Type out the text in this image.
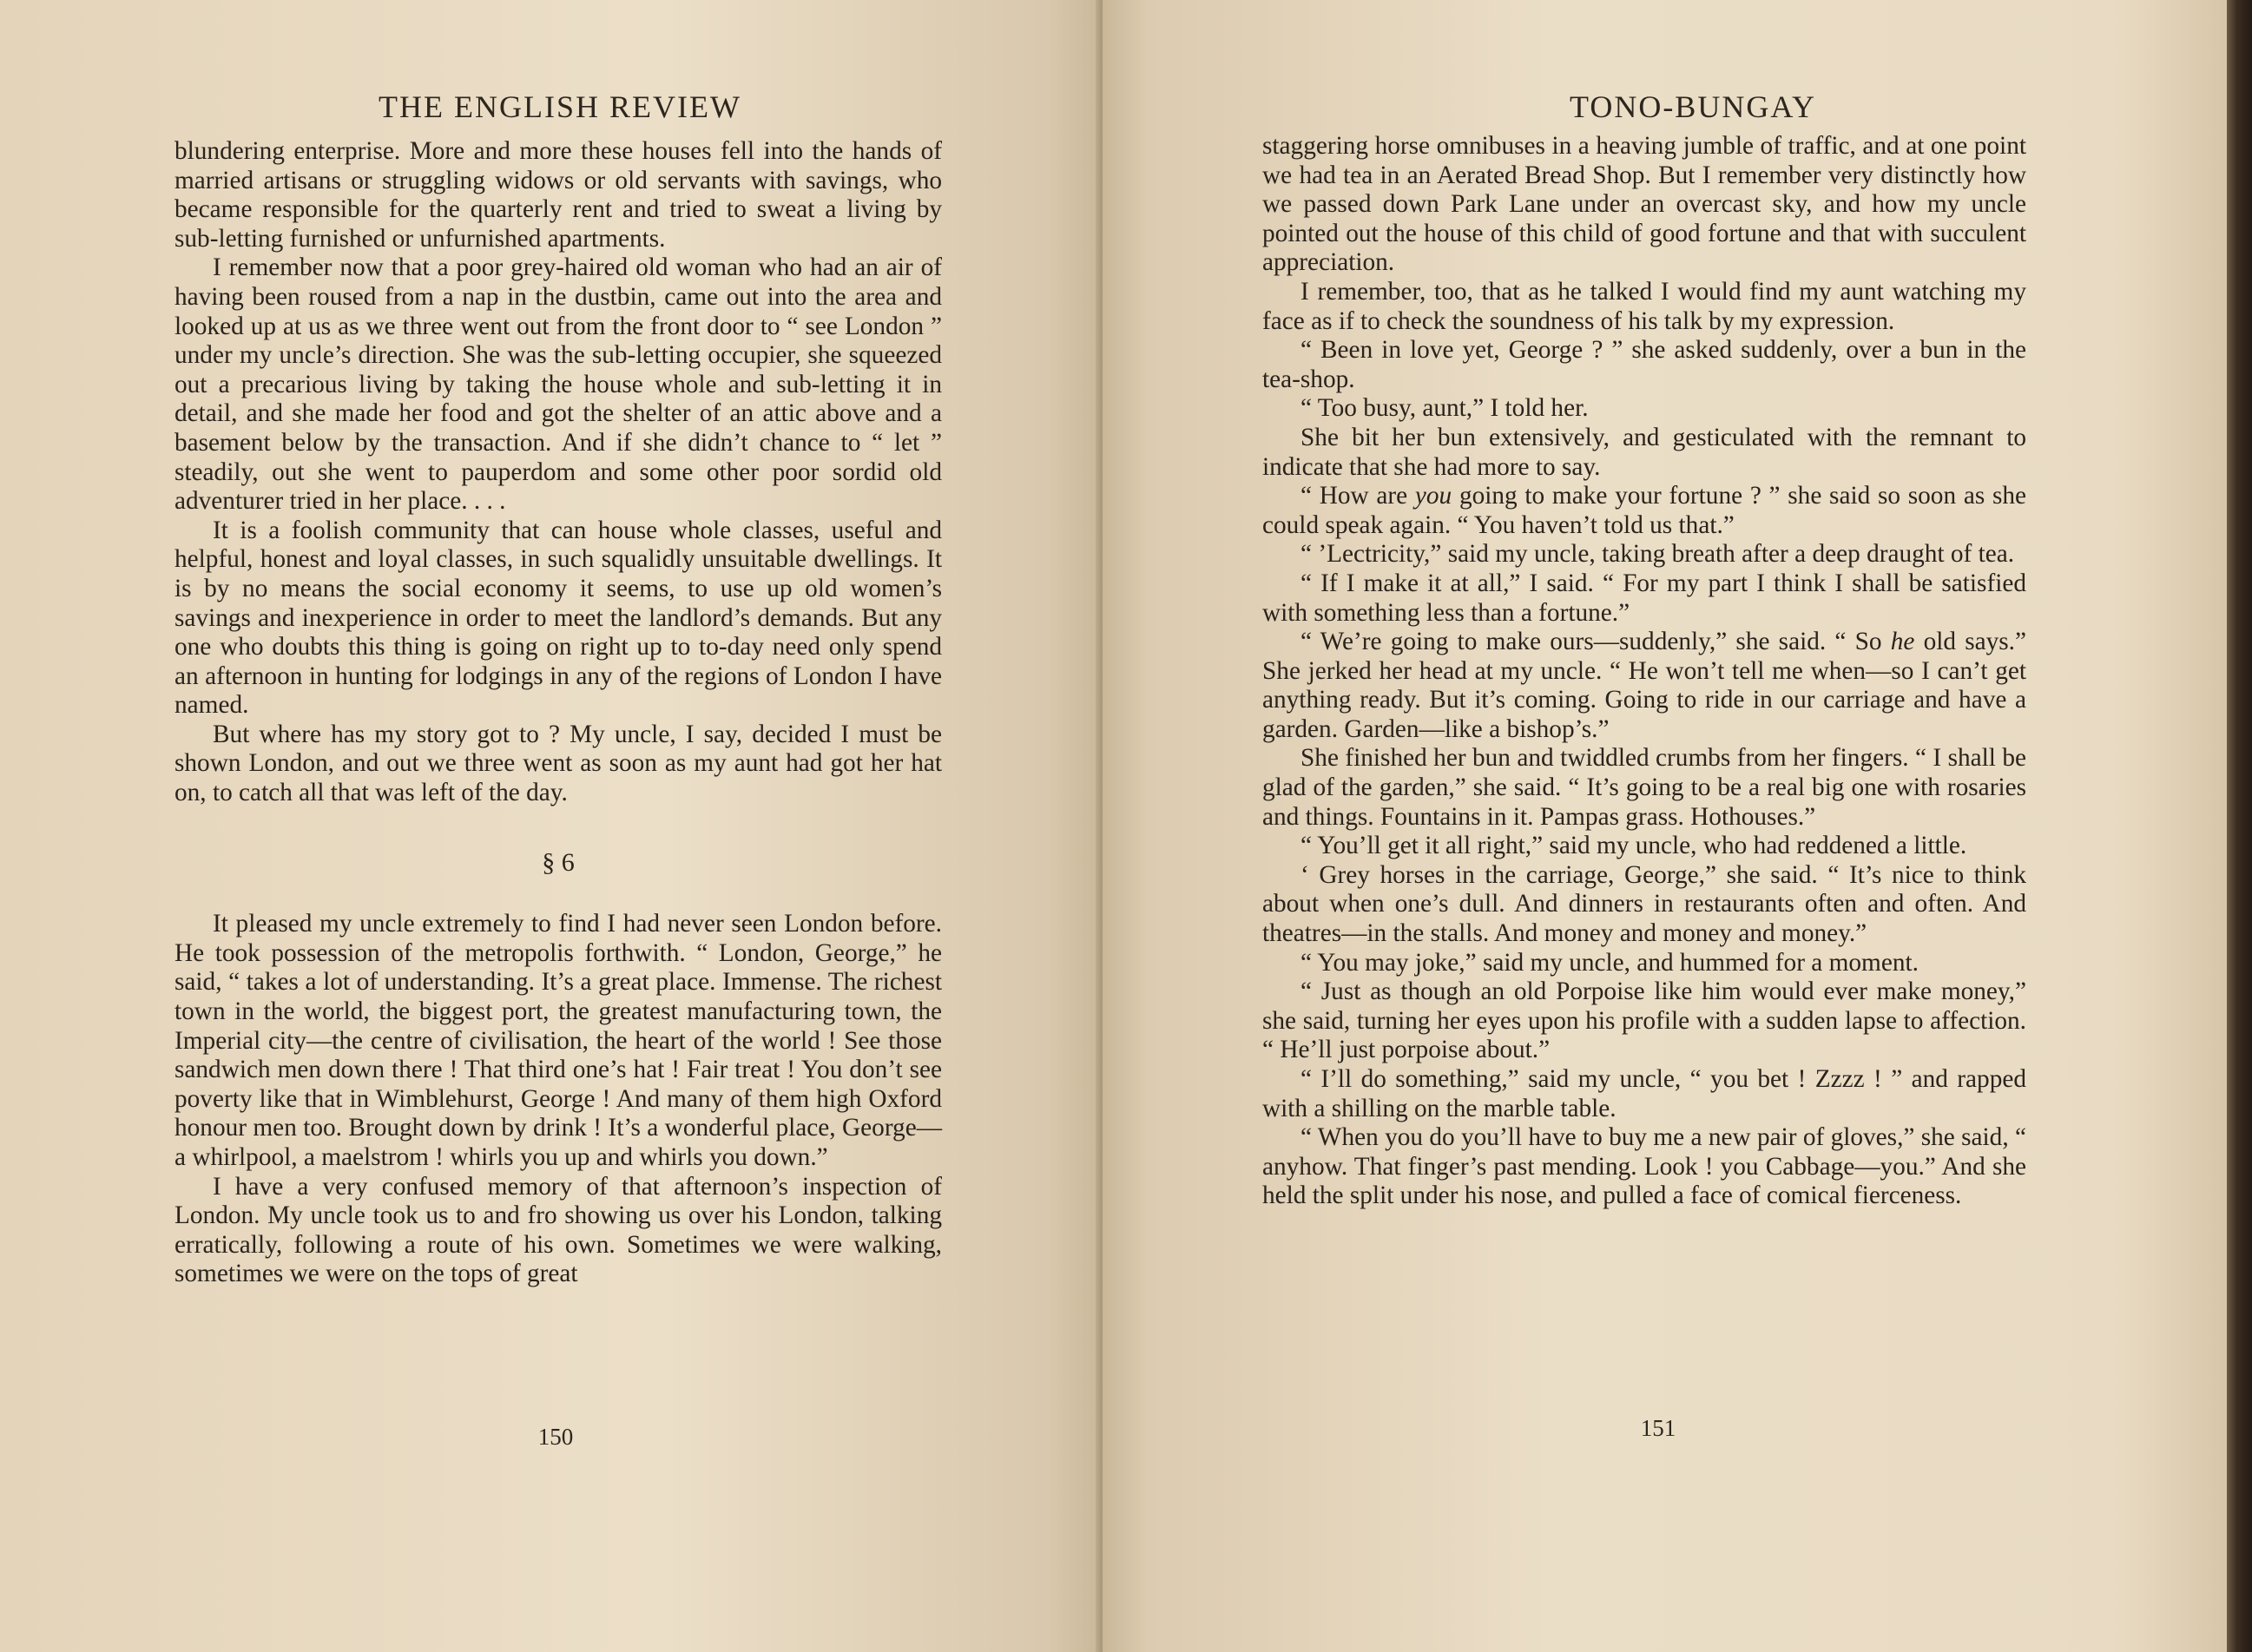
THE ENGLISH REVIEW

blundering enterprise. More and more these houses fell into the hands of married artisans or struggling widows or old servants with savings, who became responsible for the quarterly rent and tried to sweat a living by sub-letting furnished or unfurnished apartments.

I remember now that a poor grey-haired old woman who had an air of having been roused from a nap in the dustbin, came out into the area and looked up at us as we three went out from the front door to “ see London ” under my uncle’s direction. She was the sub-letting occupier, she squeezed out a precarious living by taking the house whole and sub-letting it in detail, and she made her food and got the shelter of an attic above and a basement below by the transaction. And if she didn’t chance to “ let ” steadily, out she went to pauperdom and some other poor sordid old adventurer tried in her place. . . .

It is a foolish community that can house whole classes, useful and helpful, honest and loyal classes, in such squalidly unsuitable dwellings. It is by no means the social economy it seems, to use up old women’s savings and inexperience in order to meet the landlord’s demands. But any one who doubts this thing is going on right up to to-day need only spend an afternoon in hunting for lodgings in any of the regions of London I have named.

But where has my story got to ? My uncle, I say, decided I must be shown London, and out we three went as soon as my aunt had got her hat on, to catch all that was left of the day.

§ 6

It pleased my uncle extremely to find I had never seen London before. He took possession of the metropolis forthwith. “ London, George,” he said, “ takes a lot of understanding. It’s a great place. Immense. The richest town in the world, the biggest port, the greatest manufacturing town, the Imperial city—the centre of civilisation, the heart of the world ! See those sandwich men down there ! That third one’s hat ! Fair treat ! You don’t see poverty like that in Wimblehurst, George ! And many of them high Oxford honour men too. Brought down by drink ! It’s a wonderful place, George—a whirlpool, a maelstrom ! whirls you up and whirls you down.”

I have a very confused memory of that afternoon’s inspection of London. My uncle took us to and fro showing us over his London, talking erratically, following a route of his own. Sometimes we were walking, sometimes we were on the tops of great

150
TONO-BUNGAY

staggering horse omnibuses in a heaving jumble of traffic, and at one point we had tea in an Aerated Bread Shop. But I remember very distinctly how we passed down Park Lane under an overcast sky, and how my uncle pointed out the house of this child of good fortune and that with succulent appreciation.

I remember, too, that as he talked I would find my aunt watching my face as if to check the soundness of his talk by my expression.

“ Been in love yet, George ? ” she asked suddenly, over a bun in the tea-shop.

“ Too busy, aunt,” I told her.

She bit her bun extensively, and gesticulated with the remnant to indicate that she had more to say.

“ How are you going to make your fortune ? ” she said so soon as she could speak again. “ You haven’t told us that.”

“ ’Lectricity,” said my uncle, taking breath after a deep draught of tea.

“ If I make it at all,” I said. “ For my part I think I shall be satisfied with something less than a fortune.”

“ We’re going to make ours—suddenly,” she said. “ So he old says.” She jerked her head at my uncle. “ He won’t tell me when—so I can’t get anything ready. But it’s coming. Going to ride in our carriage and have a garden. Garden—like a bishop’s.”

She finished her bun and twiddled crumbs from her fingers. “ I shall be glad of the garden,” she said. “ It’s going to be a real big one with rosaries and things. Fountains in it. Pampas grass. Hothouses.”

“ You’ll get it all right,” said my uncle, who had reddened a little.

‘ Grey horses in the carriage, George,” she said. “ It’s nice to think about when one’s dull. And dinners in restaurants often and often. And theatres—in the stalls. And money and money and money.”

“ You may joke,” said my uncle, and hummed for a moment.

“ Just as though an old Porpoise like him would ever make money,” she said, turning her eyes upon his profile with a sudden lapse to affection. “ He’ll just porpoise about.”

“ I’ll do something,” said my uncle, “ you bet ! Zzzz ! ” and rapped with a shilling on the marble table.

“ When you do you’ll have to buy me a new pair of gloves,” she said, “ anyhow. That finger’s past mending. Look ! you Cabbage—you.” And she held the split under his nose, and pulled a face of comical fierceness.

151
